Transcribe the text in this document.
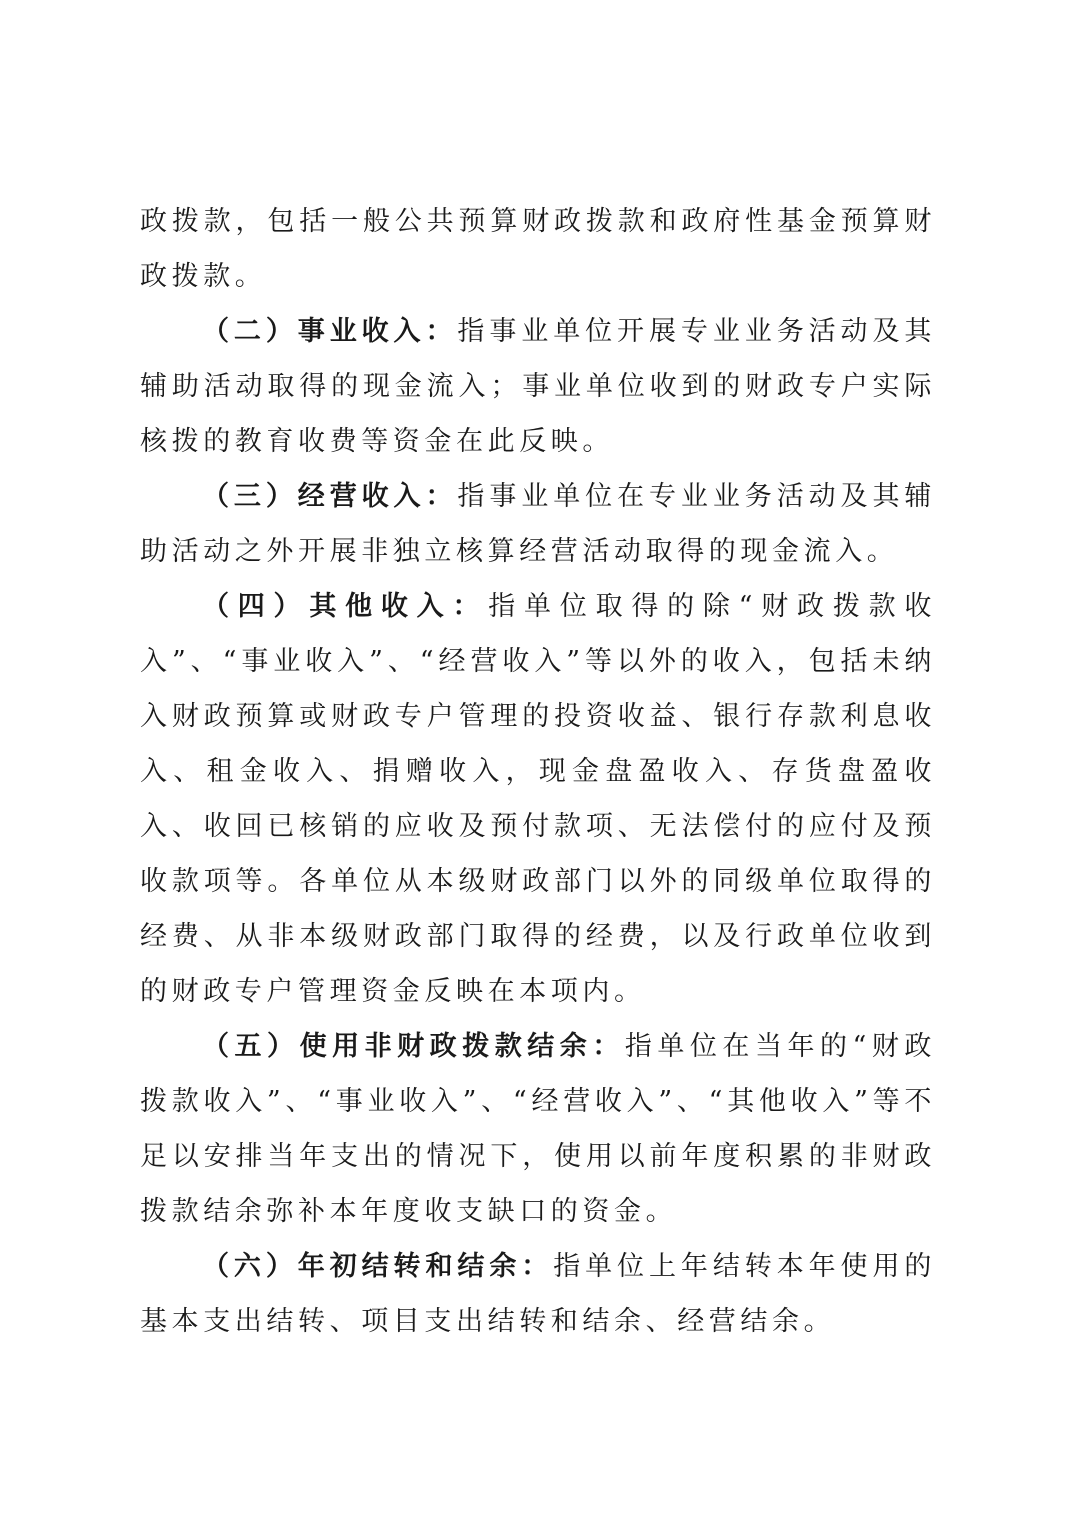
政拨款，包括一般公共预算财政拨款和政府性基金预算财政拨款。

（二）事业收入：指事业单位开展专业业务活动及其辅助活动取得的现金流入；事业单位收到的财政专户实际核拨的教育收费等资金在此反映。

（三）经营收入：指事业单位在专业业务活动及其辅助活动之外开展非独立核算经营活动取得的现金流入。

（四）其他收入：指单位取得的除“财政拨款收入”、“事业收入”、“经营收入”等以外的收入，包括未纳入财政预算或财政专户管理的投资收益、银行存款利息收入、租金收入、捐赠收入，现金盘盈收入、存货盘盈收入、收回已核销的应收及预付款项、无法偿付的应付及预收款项等。各单位从本级财政部门以外的同级单位取得的经费、从非本级财政部门取得的经费，以及行政单位收到的财政专户管理资金反映在本项内。

（五）使用非财政拨款结余：指单位在当年的“财政拨款收入”、“事业收入”、“经营收入”、“其他收入”等不足以安排当年支出的情况下，使用以前年度积累的非财政拨款结余弥补本年度收支缺口的资金。

（六）年初结转和结余：指单位上年结转本年使用的基本支出结转、项目支出结转和结余、经营结余。
